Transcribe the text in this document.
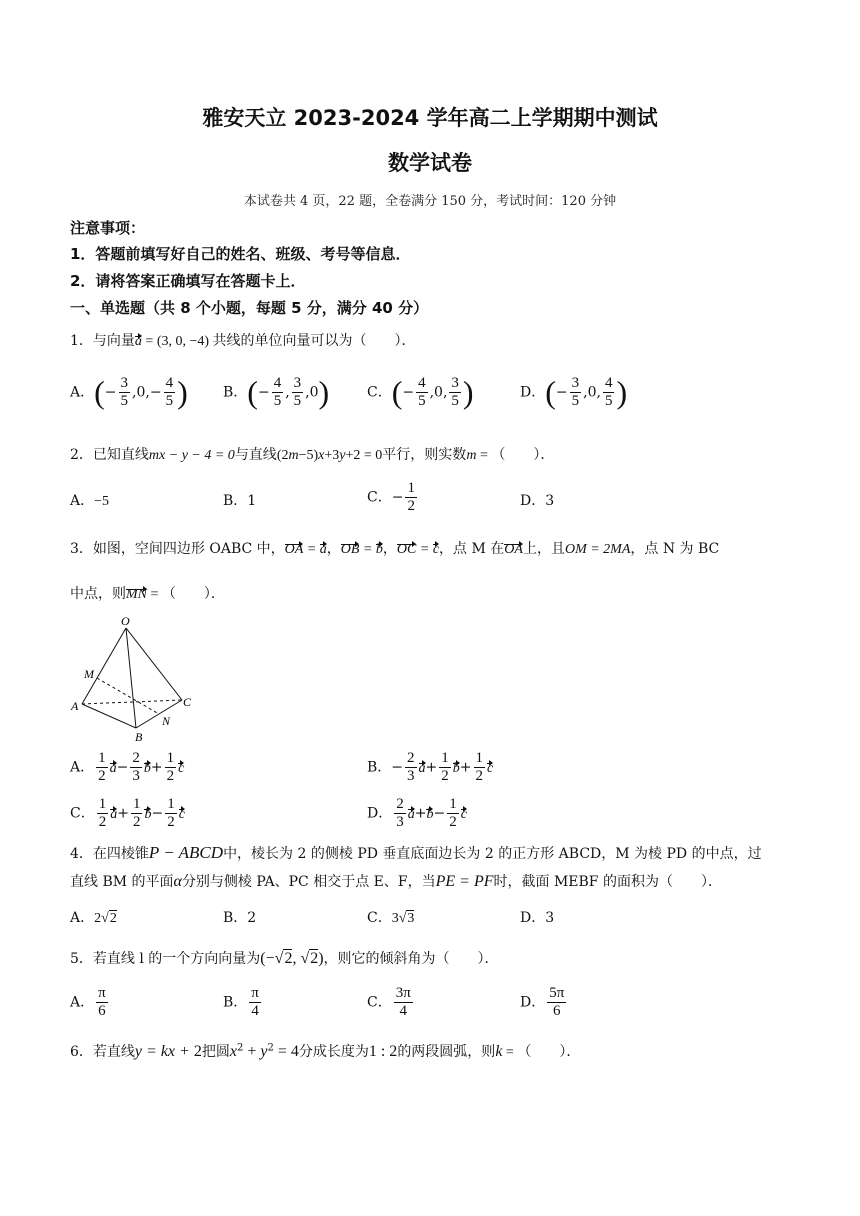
雅安天立 2023-2024 学年高二上学期期中测试
数学试卷
本试卷共 4 页，22 题，全卷满分 150 分，考试时间：120 分钟
注意事项：
1．答题前填写好自己的姓名、班级、考号等信息．
2．请将答案正确填写在答题卡上．
一、单选题（共 8 个小题，每题 5 分，满分 40 分）
1．与向量a = (3, 0, −4) 共线的单位向量可以为（　　）．
A．(− $\frac{3}{5} ,0,- \frac{4}{5}$ )	B．(− $\frac{4}{5}$ , $\frac{3}{5} ,0$)	C．(− $\frac{4}{5} ,0$, $\frac{3}{5}$ )	D．(− $\frac{3}{5} ,0$, $\frac{4}{5}$ )
2．已知直线mx − y − 4 = 0与直线(2m−5)x+3y+2 = 0平行，则实数m = （　　）．
A．−5	B．1	C．− $\frac{1}{2}$	D．3
3．如图，空间四边形 OABC 中，OA = a，OB = b，OC = c，点 M 在OA上，且OM = 2MA，点 N 为 BC
中点，则MN = （　　）．
O
M
A
B
N
C
A． $\frac{1}{2} a- \frac{2}{3} b+ \frac{1}{2}$ c	B．− $\frac{2}{3} a+ \frac{1}{2} b+ \frac{1}{2}$ c
C． $\frac{1}{2} a+ \frac{1}{2} b- \frac{1}{2}$ c	D． $\frac{2}{3} a+b- \frac{1}{2}$ c
4．在四棱锥P − ABCD中，棱长为 2 的侧棱 PD 垂直底面边长为 2 的正方形 ABCD，M 为棱 PD 的中点，过
直线 BM 的平面α分别与侧棱 PA、PC 相交于点 E、F，当PE = PF时，截面 MEBF 的面积为（　　）．
A．2√2	B．2	C．3√3	D．3
5．若直线 l 的一个方向向量为(−√2, √2)，则它的倾斜角为（　　）．
A． $\frac{\pi}{6}$	B． $\frac{\pi}{4}$	C． $\frac{3\pi}{4}$	D． $\frac{5\pi}{6}$
6．若直线y = kx + 2把圆$x^2 + y^2 = 4$分成长度为1 : 2的两段圆弧，则k = （　　）．
